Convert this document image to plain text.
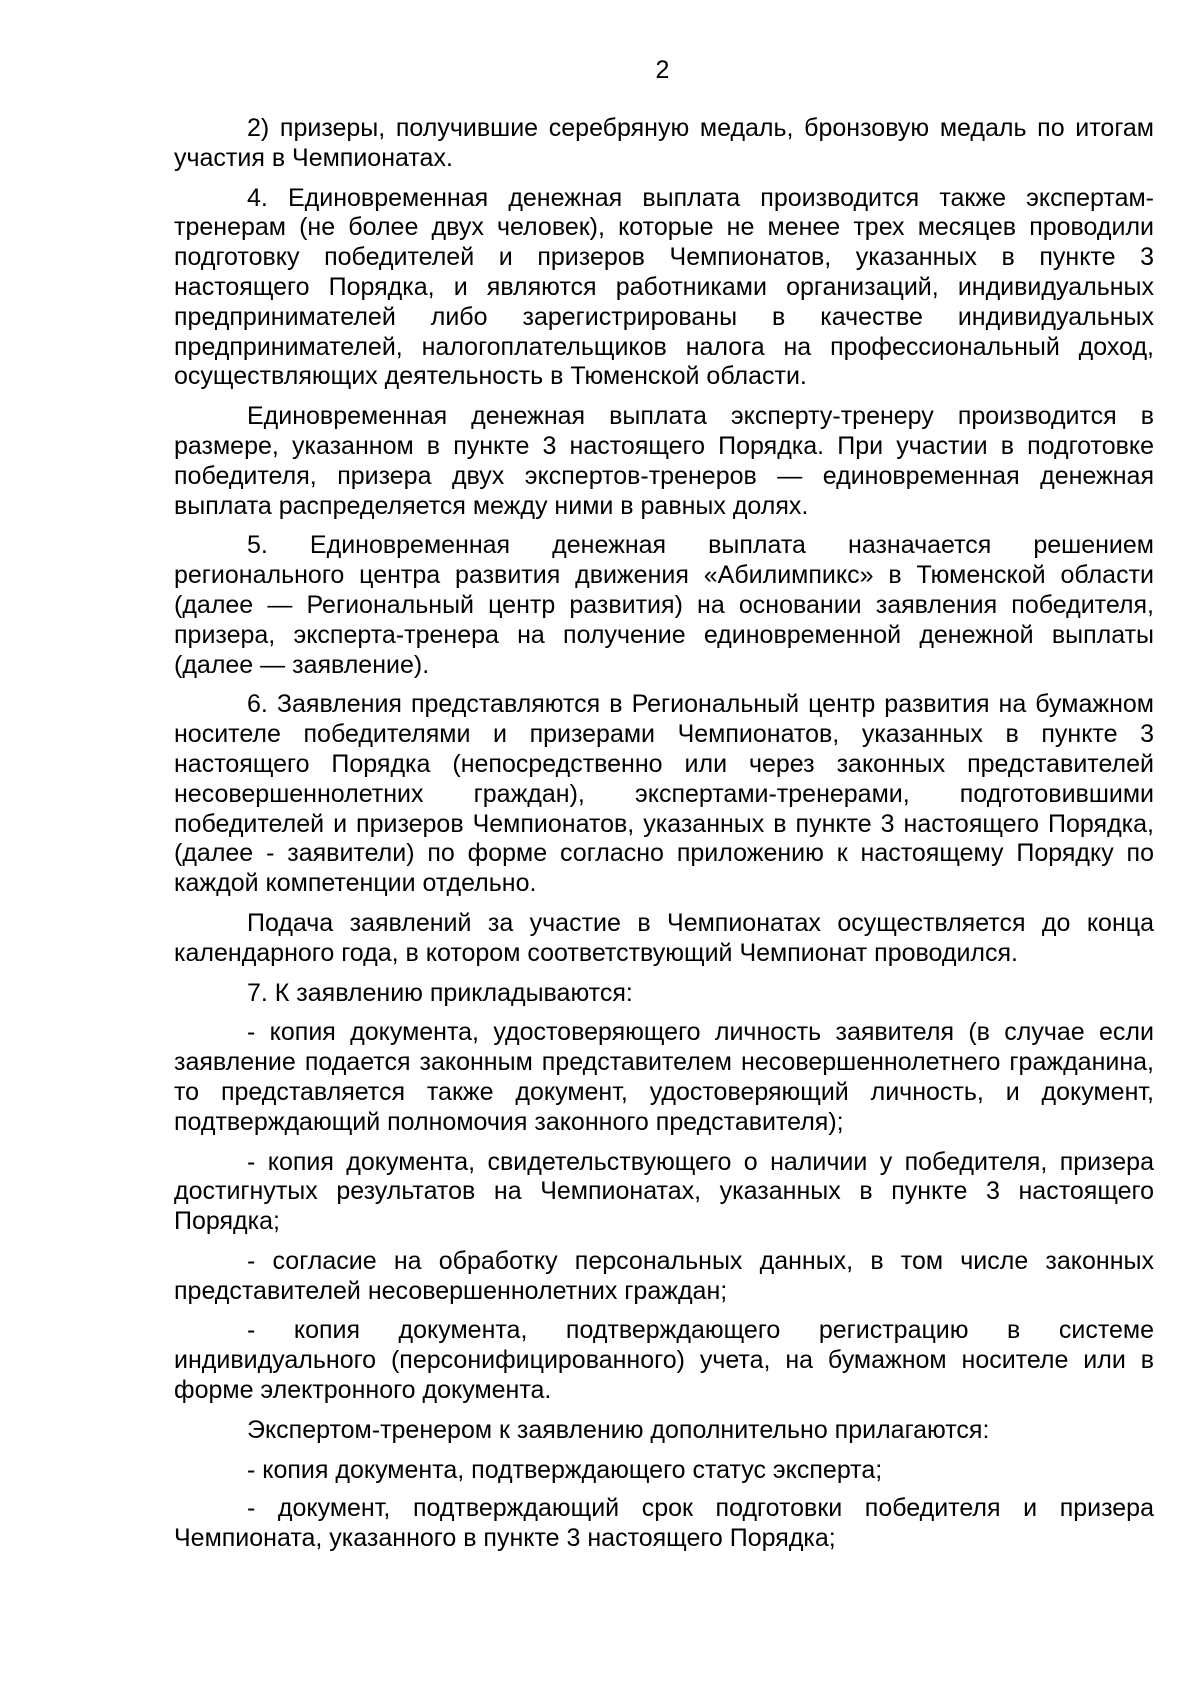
2

2) призеры, получившие серебряную медаль, бронзовую медаль по итогам участия в Чемпионатах.

4. Единовременная денежная выплата производится также экспертам-тренерам (не более двух человек), которые не менее трех месяцев проводили подготовку победителей и призеров Чемпионатов, указанных в пункте 3 настоящего Порядка, и являются работниками организаций, индивидуальных предпринимателей либо зарегистрированы в качестве индивидуальных предпринимателей, налогоплательщиков налога на профессиональный доход, осуществляющих деятельность в Тюменской области.

Единовременная денежная выплата эксперту-тренеру производится в размере, указанном в пункте 3 настоящего Порядка. При участии в подготовке победителя, призера двух экспертов-тренеров — единовременная денежная выплата распределяется между ними в равных долях.

5. Единовременная денежная выплата назначается решением регионального центра развития движения «Абилимпикс» в Тюменской области (далее — Региональный центр развития) на основании заявления победителя, призера, эксперта-тренера на получение единовременной денежной выплаты (далее — заявление).

6. Заявления представляются в Региональный центр развития на бумажном носителе победителями и призерами Чемпионатов, указанных в пункте 3 настоящего Порядка (непосредственно или через законных представителей несовершеннолетних граждан), экспертами-тренерами, подготовившими победителей и призеров Чемпионатов, указанных в пункте 3 настоящего Порядка, (далее - заявители) по форме согласно приложению к настоящему Порядку по каждой компетенции отдельно.

Подача заявлений за участие в Чемпионатах осуществляется до конца календарного года, в котором соответствующий Чемпионат проводился.

7. К заявлению прикладываются:

- копия документа, удостоверяющего личность заявителя (в случае если заявление подается законным представителем несовершеннолетнего гражданина, то представляется также документ, удостоверяющий личность, и документ, подтверждающий полномочия законного представителя);

- копия документа, свидетельствующего о наличии у победителя, призера достигнутых результатов на Чемпионатах, указанных в пункте 3 настоящего Порядка;

- согласие на обработку персональных данных, в том числе законных представителей несовершеннолетних граждан;

- копия документа, подтверждающего регистрацию в системе индивидуального (персонифицированного) учета, на бумажном носителе или в форме электронного документа.

Экспертом-тренером к заявлению дополнительно прилагаются:

- копия документа, подтверждающего статус эксперта;

- документ, подтверждающий срок подготовки победителя и призера Чемпионата, указанного в пункте 3 настоящего Порядка;
